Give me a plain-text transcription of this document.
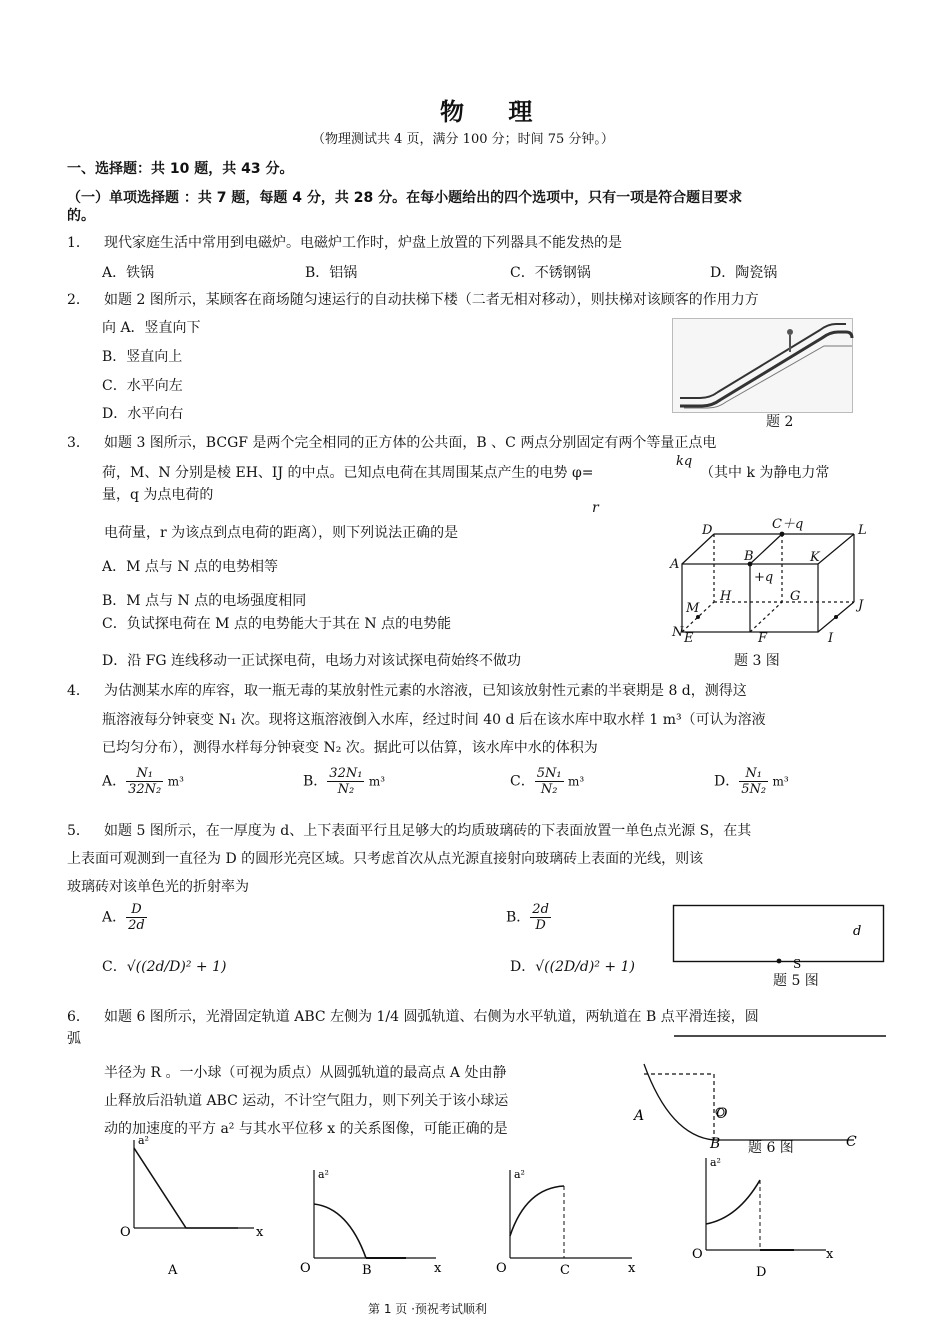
物 理
（物理测试共 4 页，满分 100 分；时间 75 分钟。）
一、选择题：共 10 题，共 43 分。
（一）单项选择题 ：共 7 题，每题 4 分，共 28 分。在每小题给出的四个选项中，只有一项是符合题目要求
的。
1． 现代家庭生活中常用到电磁炉。电磁炉工作时，炉盘上放置的下列器具不能发热的是
A．铁锅	B．铝锅	C．不锈钢锅	D．陶瓷锅
2． 如题 2 图所示，某顾客在商场随匀速运行的自动扶梯下楼（二者无相对移动），则扶梯对该顾客的作用力方
向 A．竖直向下
B．竖直向上
C．水平向左
D．水平向右	题 2
3． 如题 3 图所示，BCGF 是两个完全相同的正方体的公共面，B 、C 两点分别固定有两个等量正点电
荷，M、N 分别是棱 EH、IJ 的中点。已知点电荷在其周围某点产生的电势 φ=
kq
（其中 k 为静电力常
量，q 为点电荷的
r
电荷量，r 为该点到点电荷的距离），则下列说法正确的是
A．M 点与 N 点的电势相等
B．M 点与 N 点的电场强度相同
C．负试探电荷在 M 点的电势能大于其在 N 点的电势能
D．沿 FG 连线移动一正试探电荷，电场力对该试探电荷始终不做功
D	C＋q	L
B	K
A
+q
H	G
J
M
N E	F	I
题 3 图
4． 为估测某水库的库容，取一瓶无毒的某放射性元素的水溶液，已知该放射性元素的半衰期是 8 d，测得这
瓶溶液每分钟衰变 N₁ 次。现将这瓶溶液倒入水库，经过时间 40 d 后在该水库中取水样 1 m³（可认为溶液
已均匀分布），测得水样每分钟衰变 N₂ 次。据此可以估算，该水库中水的体积为
A． $\frac{\text{N₁}}{\text{32N₂}} m^3$	B． $\frac{\text{32N₁}}{\text{N₂}} m^3$	C． $\frac{\text{5N₁}}{\text{N₂}} m^3$	D． $\frac{\text{N₁}}{\text{5N₂}} m^3$
5． 如题 5 图所示，在一厚度为 d、上下表面平行且足够大的均质玻璃砖的下表面放置一单色点光源 S，在其
上表面可观测到一直径为 D 的圆形光亮区域。只考虑首次从点光源直接射向玻璃砖上表面的光线，则该
玻璃砖对该单色光的折射率为
A． $\frac{D}{2d}$	B． $\frac{2d}{D}$
C．√((2d/D)² + 1)	D．√((2D/d)² + 1)
d
S
题 5 图
6． 如题 6 图所示，光滑固定轨道 ABC 左侧为 1/4 圆弧轨道、右侧为水平轨道，两轨道在 B 点平滑连接，圆
弧
半径为 R 。一小球（可视为质点）从圆弧轨道的最高点 A 处由静
止释放后沿轨道 ABC 运动，不计空气阻力，则下列关于该小球运
动的加速度的平方 a² 与其水平位移 x 的关系图像，可能正确的是
A	O
B	C
题 6 图
a²
O	x
A
a²
O	x
B
a²
O	x
C
a²
O	x
D
第 1 页 ·预祝考试顺利
